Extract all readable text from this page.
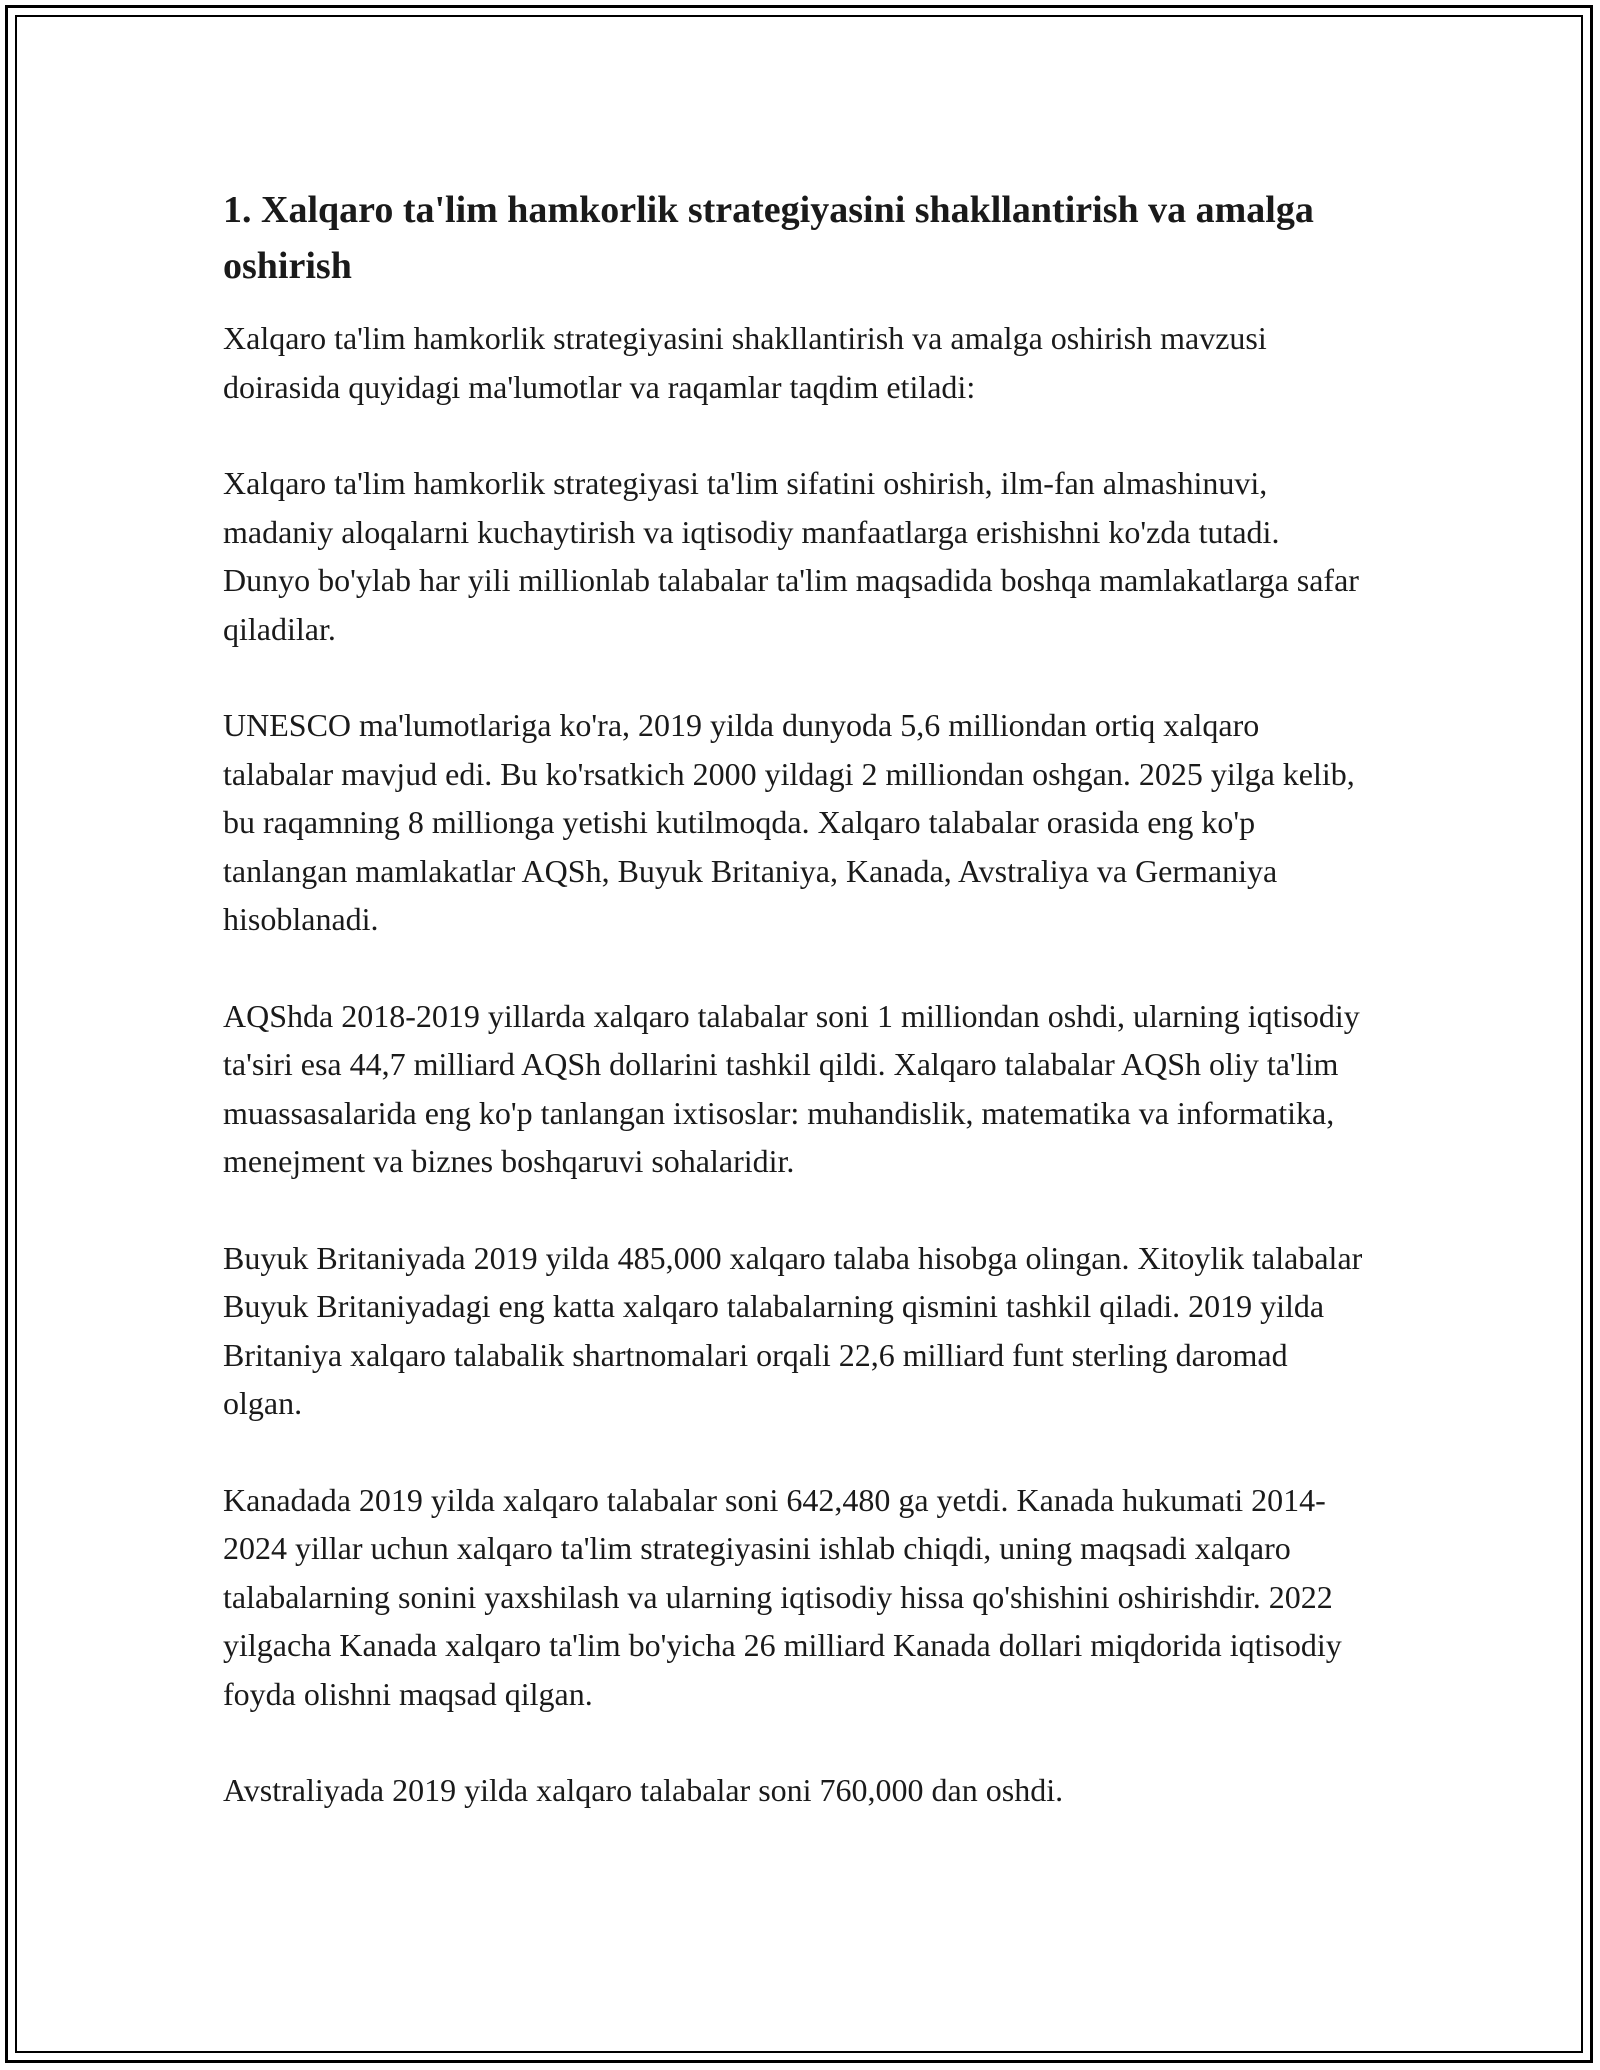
1. Xalqaro ta'lim hamkorlik strategiyasini shakllantirish va amalga oshirish

Xalqaro ta'lim hamkorlik strategiyasini shakllantirish va amalga oshirish mavzusi doirasida quyidagi ma'lumotlar va raqamlar taqdim etiladi:

Xalqaro ta'lim hamkorlik strategiyasi ta'lim sifatini oshirish, ilm-fan almashinuvi, madaniy aloqalarni kuchaytirish va iqtisodiy manfaatlarga erishishni ko'zda tutadi. Dunyo bo'ylab har yili millionlab talabalar ta'lim maqsadida boshqa mamlakatlarga safar qiladilar.

UNESCO ma'lumotlariga ko'ra, 2019 yilda dunyoda 5,6 milliondan ortiq xalqaro talabalar mavjud edi. Bu ko'rsatkich 2000 yildagi 2 milliondan oshgan. 2025 yilga kelib, bu raqamning 8 millionga yetishi kutilmoqda. Xalqaro talabalar orasida eng ko'p tanlangan mamlakatlar AQSh, Buyuk Britaniya, Kanada, Avstraliya va Germaniya hisoblanadi.

AQShda 2018-2019 yillarda xalqaro talabalar soni 1 milliondan oshdi, ularning iqtisodiy ta'siri esa 44,7 milliard AQSh dollarini tashkil qildi. Xalqaro talabalar AQSh oliy ta'lim muassasalarida eng ko'p tanlangan ixtisoslar: muhandislik, matematika va informatika, menejment va biznes boshqaruvi sohalaridir.

Buyuk Britaniyada 2019 yilda 485,000 xalqaro talaba hisobga olingan. Xitoylik talabalar Buyuk Britaniyadagi eng katta xalqaro talabalarning qismini tashkil qiladi. 2019 yilda Britaniya xalqaro talabalik shartnomalari orqali 22,6 milliard funt sterling daromad olgan.

Kanadada 2019 yilda xalqaro talabalar soni 642,480 ga yetdi. Kanada hukumati 2014-2024 yillar uchun xalqaro ta'lim strategiyasini ishlab chiqdi, uning maqsadi xalqaro talabalarning sonini yaxshilash va ularning iqtisodiy hissa qo'shishini oshirishdir. 2022 yilgacha Kanada xalqaro ta'lim bo'yicha 26 milliard Kanada dollari miqdorida iqtisodiy foyda olishni maqsad qilgan.

Avstraliyada 2019 yilda xalqaro talabalar soni 760,000 dan oshdi.
